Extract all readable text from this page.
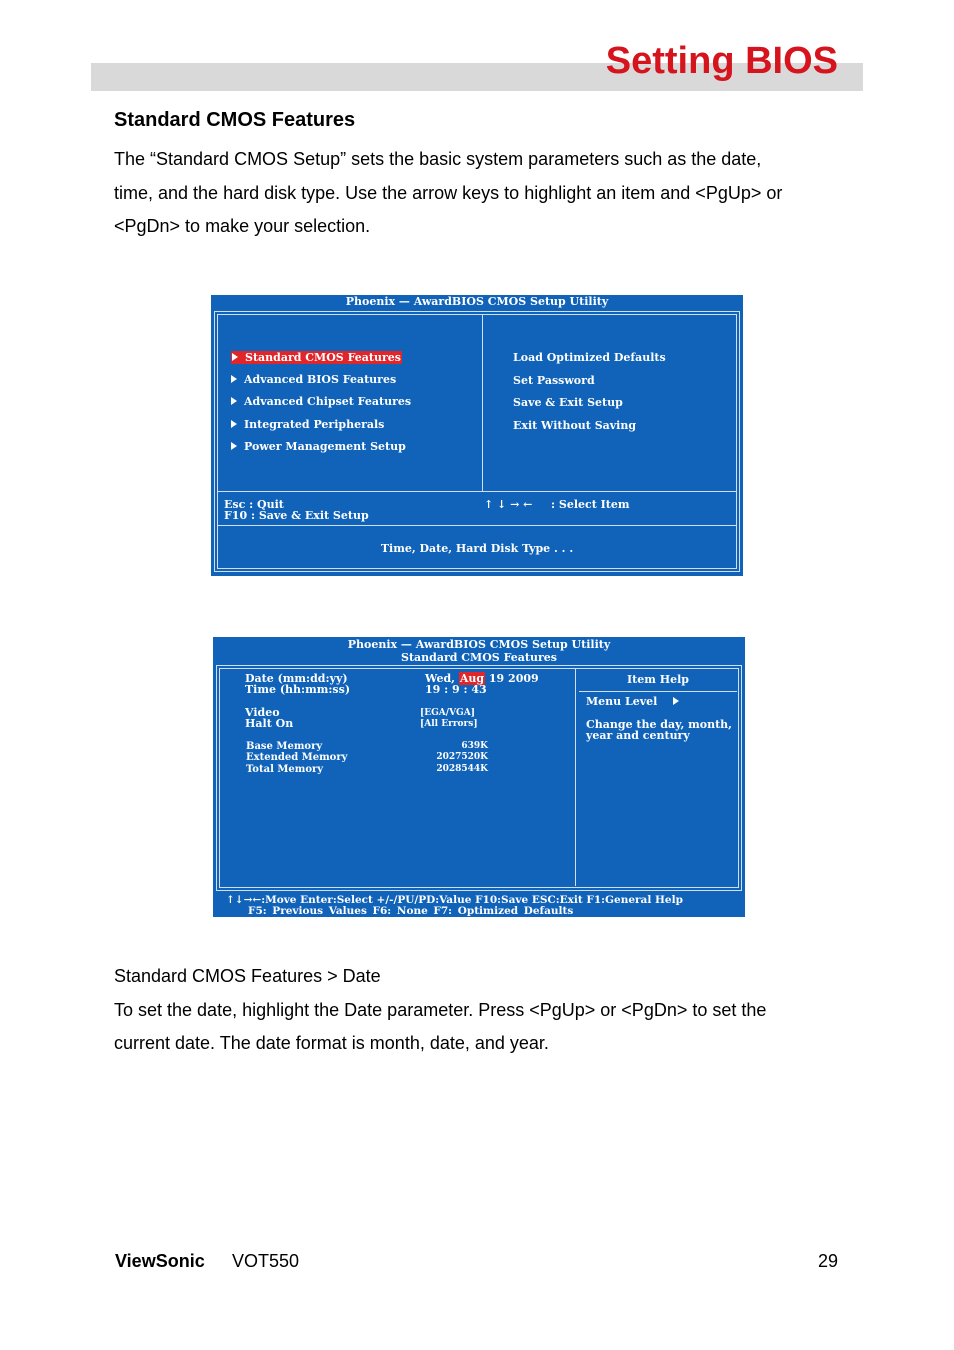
Setting BIOS
Standard CMOS Features
The “Standard CMOS Setup” sets the basic system parameters such as the date,
time, and the hard disk type. Use the arrow keys to highlight an item and <PgUp> or
<PgDn> to make your selection.
Phoenix — AwardBIOS CMOS Setup Utility
Standard CMOS Features
Advanced BIOS Features
Advanced Chipset Features
Integrated Peripherals
Power Management Setup
Load Optimized Defaults
Set Password
Save & Exit Setup
Exit Without Saving
Esc : Quit
F10 : Save & Exit Setup
↑ ↓ → ← : Select Item
Time, Date, Hard Disk Type . . .
Phoenix — AwardBIOS CMOS Setup Utility
Standard CMOS Features
Date (mm:dd:yy)
Time (hh:mm:ss)
Wed, Aug 19 2009
19 : 9 : 43
Video
Halt On
[EGA/VGA]
[All Errors]
Base Memory
Extended Memory
Total Memory
639K
2027520K
2028544K
Item Help
Menu Level
Change the day, month,
year and century
↑↓→←:Move Enter:Select +/-/PU/PD:Value F10:Save ESC:Exit F1:General Help
F5: Previous Values F6: None F7: Optimized Defaults
Standard CMOS Features > Date
To set the date, highlight the Date parameter. Press <PgUp> or <PgDn> to set the
current date. The date format is month, date, and year.
ViewSonic VOT550	29
